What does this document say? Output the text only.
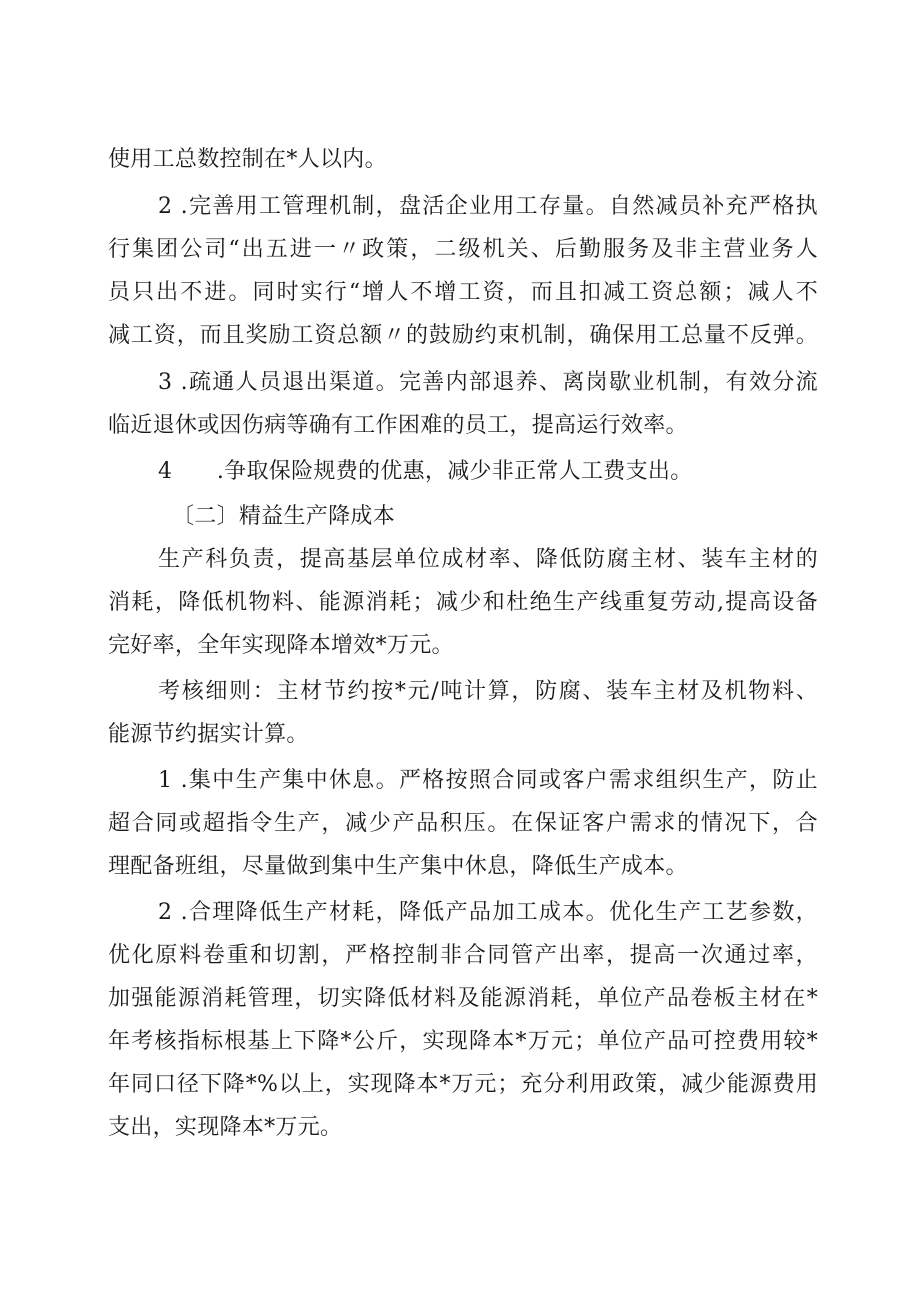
使用工总数控制在*人以内。

2 .完善用工管理机制，盘活企业用工存量。自然减员补充严格执

行集团公司“出五进一〃政策，二级机关、后勤服务及非主营业务人

员只出不进。同时实行“增人不增工资，而且扣减工资总额；减人不

减工资，而且奖励工资总额〃的鼓励约束机制，确保用工总量不反弹。

3 .疏通人员退出渠道。完善内部退养、离岗歇业机制，有效分流

临近退休或因伤病等确有工作困难的员工，提高运行效率。

4　　.争取保险规费的优惠，减少非正常人工费支出。

〔二〕精益生产降成本

生产科负责，提高基层单位成材率、降低防腐主材、装车主材的

消耗，降低机物料、能源消耗；减少和杜绝生产线重复劳动,提高设备

完好率，全年实现降本增效*万元。

考核细则：主材节约按*元/吨计算，防腐、装车主材及机物料、

能源节约据实计算。

1 .集中生产集中休息。严格按照合同或客户需求组织生产，防止

超合同或超指令生产，减少产品积压。在保证客户需求的情况下，合

理配备班组，尽量做到集中生产集中休息，降低生产成本。

2 .合理降低生产材耗，降低产品加工成本。优化生产工艺参数，

优化原料卷重和切割，严格控制非合同管产出率，提高一次通过率，

加强能源消耗管理，切实降低材料及能源消耗，单位产品卷板主材在*

年考核指标根基上下降*公斤，实现降本*万元；单位产品可控费用较*

年同口径下降*%以上，实现降本*万元；充分利用政策，减少能源费用

支出，实现降本*万元。
